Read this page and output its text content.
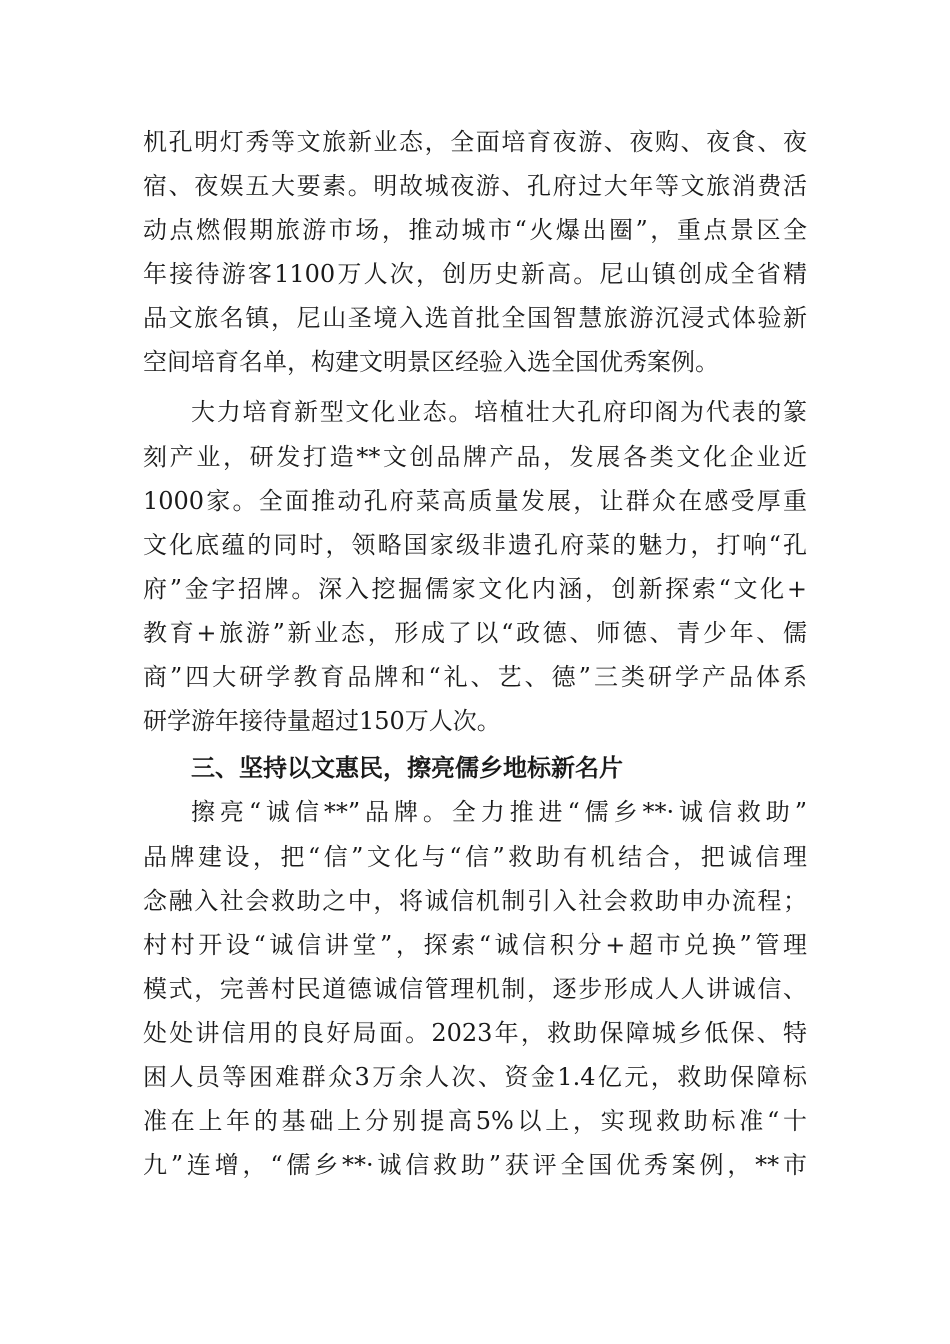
机孔明灯秀等文旅新业态，全面培育夜游、夜购、夜食、夜
宿、夜娱五大要素。明故城夜游、孔府过大年等文旅消费活
动点燃假期旅游市场，推动城市“火爆出圈”，重点景区全
年接待游客1100万人次，创历史新高。尼山镇创成全省精
品文旅名镇，尼山圣境入选首批全国智慧旅游沉浸式体验新
空间培育名单，构建文明景区经验入选全国优秀案例。
大力培育新型文化业态。培植壮大孔府印阁为代表的篆
刻产业，研发打造**文创品牌产品，发展各类文化企业近
1000家。全面推动孔府菜高质量发展，让群众在感受厚重
文化底蕴的同时，领略国家级非遗孔府菜的魅力，打响“孔
府”金字招牌。深入挖掘儒家文化内涵，创新探索“文化+
教育+旅游”新业态，形成了以“政德、师德、青少年、儒
商”四大研学教育品牌和“礼、艺、德”三类研学产品体系
研学游年接待量超过150万人次。
三、坚持以文惠民，擦亮儒乡地标新名片
擦亮“诚信**”品牌。全力推进“儒乡**·诚信救助”
品牌建设，把“信”文化与“信”救助有机结合，把诚信理
念融入社会救助之中，将诚信机制引入社会救助申办流程；
村村开设“诚信讲堂”，探索“诚信积分+超市兑换”管理
模式，完善村民道德诚信管理机制，逐步形成人人讲诚信、
处处讲信用的良好局面。2023年，救助保障城乡低保、特
困人员等困难群众3万余人次、资金1.4亿元，救助保障标
准在上年的基础上分别提高5%以上，实现救助标准“十
九”连增，“儒乡**·诚信救助”获评全国优秀案例，**市
